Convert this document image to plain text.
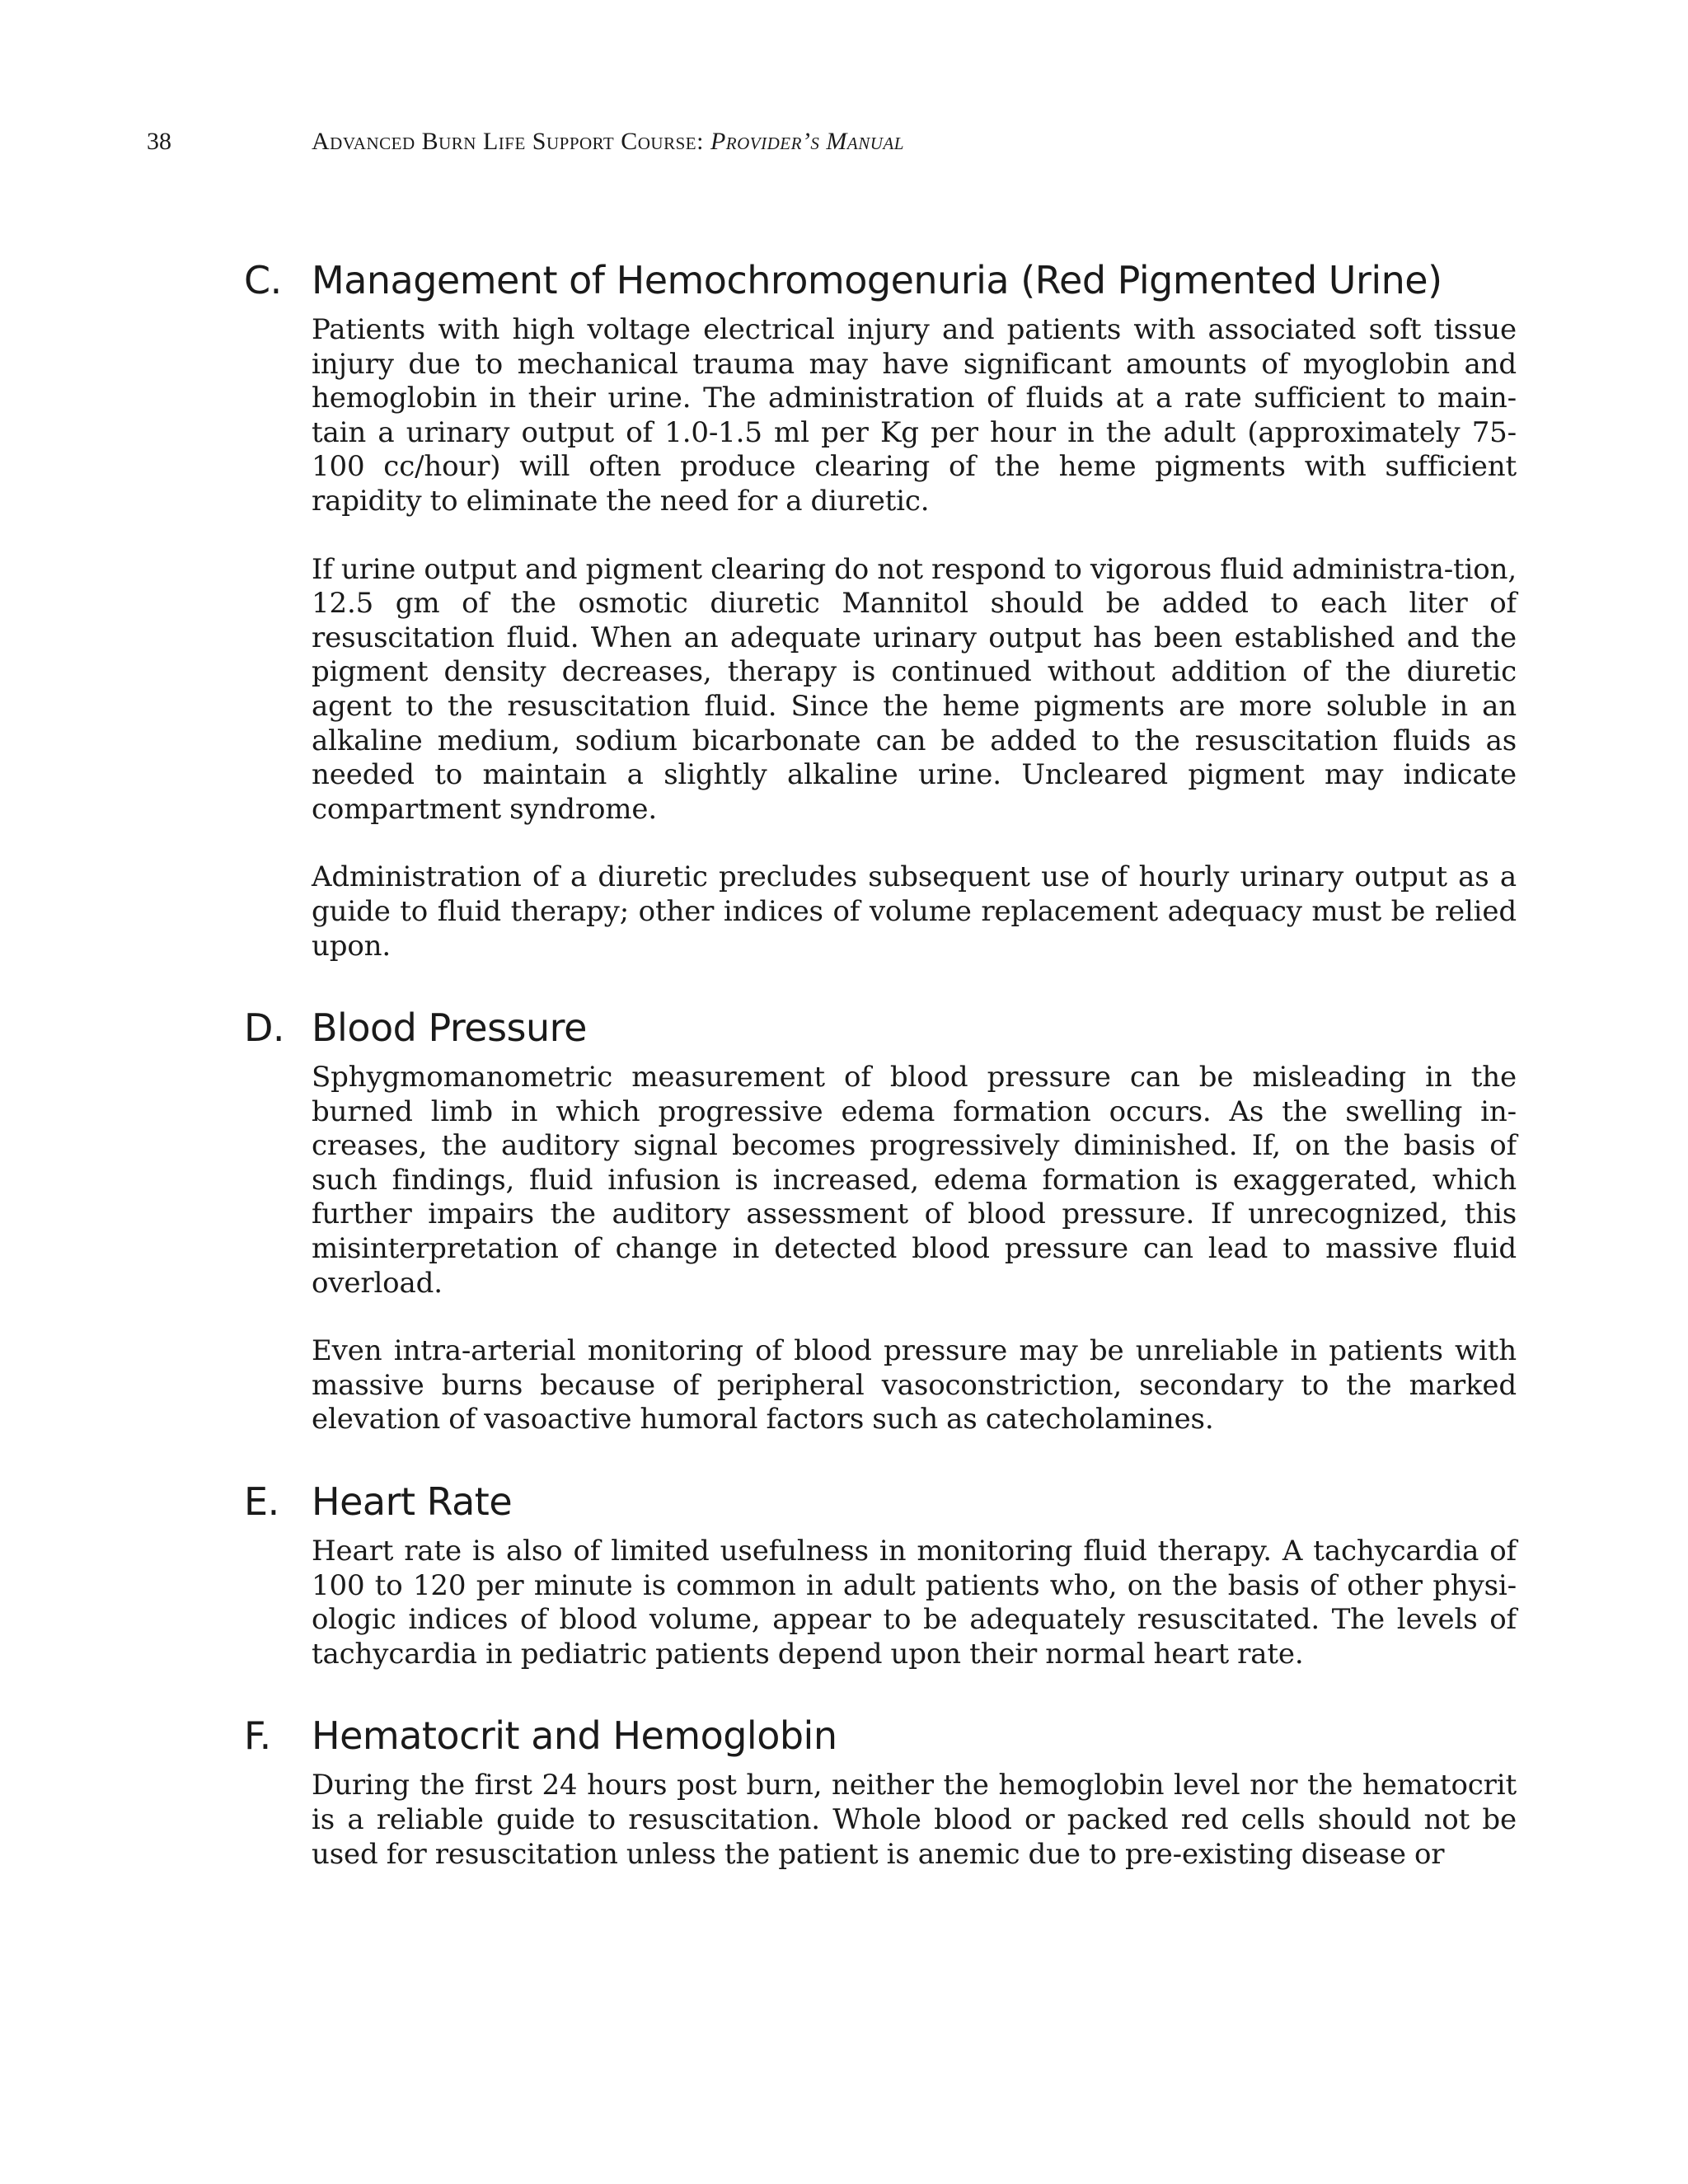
38	Advanced Burn Life Support Course: Provider’s Manual
C. Management of Hemochromogenuria (Red Pigmented Urine)

Patients with high voltage electrical injury and patients with associated soft tissue injury due to mechanical trauma may have significant amounts of myoglobin and hemoglobin in their urine. The administration of fluids at a rate sufficient to main-tain a urinary output of 1.0-1.5 ml per Kg per hour in the adult (approximately 75-100 cc/hour) will often produce clearing of the heme pigments with sufficient rapidity to eliminate the need for a diuretic.

If urine output and pigment clearing do not respond to vigorous fluid administra-tion, 12.5 gm of the osmotic diuretic Mannitol should be added to each liter of resuscitation fluid. When an adequate urinary output has been established and the pigment density decreases, therapy is continued without addition of the diuretic agent to the resuscitation fluid. Since the heme pigments are more soluble in an alkaline medium, sodium bicarbonate can be added to the resuscitation fluids as needed to maintain a slightly alkaline urine. Uncleared pigment may indicate compartment syndrome.

Administration of a diuretic precludes subsequent use of hourly urinary output as a guide to fluid therapy; other indices of volume replacement adequacy must be relied upon.

D. Blood Pressure

Sphygmomanometric measurement of blood pressure can be misleading in the burned limb in which progressive edema formation occurs. As the swelling in-creases, the auditory signal becomes progressively diminished. If, on the basis of such findings, fluid infusion is increased, edema formation is exaggerated, which further impairs the auditory assessment of blood pressure. If unrecognized, this misinterpretation of change in detected blood pressure can lead to massive fluid overload.

Even intra-arterial monitoring of blood pressure may be unreliable in patients with massive burns because of peripheral vasoconstriction, secondary to the marked elevation of vasoactive humoral factors such as catecholamines.

E. Heart Rate

Heart rate is also of limited usefulness in monitoring fluid therapy. A tachycardia of 100 to 120 per minute is common in adult patients who, on the basis of other physi-ologic indices of blood volume, appear to be adequately resuscitated. The levels of tachycardia in pediatric patients depend upon their normal heart rate.

F. Hematocrit and Hemoglobin

During the first 24 hours post burn, neither the hemoglobin level nor the hematocrit is a reliable guide to resuscitation. Whole blood or packed red cells should not be used for resuscitation unless the patient is anemic due to pre-existing disease or
